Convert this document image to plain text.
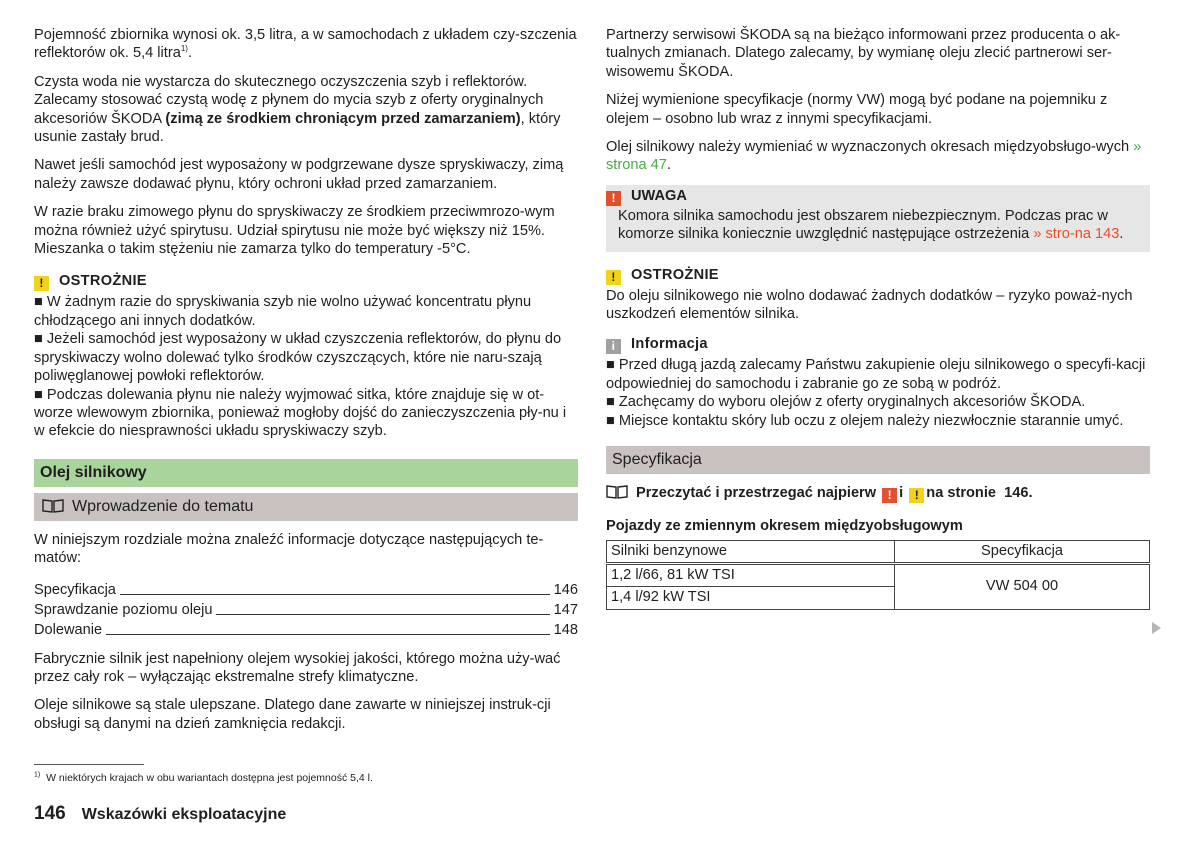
Pojemność zbiornika wynosi ok. 3,5 litra, a w samochodach z układem czy-szczenia reflektorów ok. 5,4 litra$^{1)}$.

Czysta woda nie wystarcza do skutecznego oczyszczenia szyb i reflektorów. Zalecamy stosować czystą wodę z płynem do mycia szyb z oferty oryginalnych akcesoriów ŠKODA (zimą ze środkiem chroniącym przed zamarzaniem), który usunie zastały brud.

Nawet jeśli samochód jest wyposażony w podgrzewane dysze spryskiwaczy, zimą należy zawsze dodawać płynu, który ochroni układ przed zamarzaniem.

W razie braku zimowego płynu do spryskiwaczy ze środkiem przeciwmrozo-wym można również użyć spirytusu. Udział spirytusu nie może być większy niż 15%. Mieszanka o takim stężeniu nie zamarza tylko do temperatury -5°C.

! OSTROŻNIE

■ W żadnym razie do spryskiwania szyb nie wolno używać koncentratu płynu chłodzącego ani innych dodatków.

■ Jeżeli samochód jest wyposażony w układ czyszczenia reflektorów, do płynu do spryskiwaczy wolno dolewać tylko środków czyszczących, które nie naru-szają poliwęglanowej powłoki reflektorów.

■ Podczas dolewania płynu nie należy wyjmować sitka, które znajduje się w ot-worze wlewowym zbiornika, ponieważ mogłoby dojść do zanieczyszczenia pły-nu i w efekcie do niesprawności układu spryskiwaczy szyb.

Olej silnikowy
Wprowadzenie do tematu

W niniejszym rozdziale można znaleźć informacje dotyczące następujących te-matów:

Specyfikacja	146
Sprawdzanie poziomu oleju	147
Dolewanie	148

Fabrycznie silnik jest napełniony olejem wysokiej jakości, którego można uży-wać przez cały rok – wyłączając ekstremalne strefy klimatyczne.

Oleje silnikowe są stale ulepszane. Dlatego dane zawarte w niniejszej instruk-cji obsługi są danymi na dzień zamknięcia redakcji.

Partnerzy serwisowi ŠKODA są na bieżąco informowani przez producenta o ak-tualnych zmianach. Dlatego zalecamy, by wymianę oleju zlecić partnerowi ser-wisowemu ŠKODA.

Niżej wymienione specyfikacje (normy VW) mogą być podane na pojemniku z olejem – osobno lub wraz z innymi specyfikacjami.

Olej silnikowy należy wymieniać w wyznaczonych okresach międzyobsługo-wych » strona 47.

! UWAGA
Komora silnika samochodu jest obszarem niebezpiecznym. Podczas prac w komorze silnika koniecznie uwzględnić następujące ostrzeżenia » stro-na 143.
! OSTROŻNIE

Do oleju silnikowego nie wolno dodawać żadnych dodatków – ryzyko poważ-nych uszkodzeń elementów silnika.

i Informacja

■ Przed długą jazdą zalecamy Państwu zakupienie oleju silnikowego o specyfi-kacji odpowiedniej do samochodu i zabranie go ze sobą w podróż.

■ Zachęcamy do wyboru olejów z oferty oryginalnych akcesoriów ŠKODA.

■ Miejsce kontaktu skóry lub oczu z olejem należy niezwłocznie starannie umyć.

Specyfikacja

Przeczytać i przestrzegać najpierw ! i ! na stronie 146.

Pojazdy ze zmiennym okresem międzyobsługowym

Silniki benzynowe	Specyfikacja
1,2 l/66, 81 kW TSI	VW 504 00
1,4 l/92 kW TSI	
$^{1)}$ W niektórych krajach w obu wariantach dostępna jest pojemność 5,4 l.
146 Wskazówki eksploatacyjne
